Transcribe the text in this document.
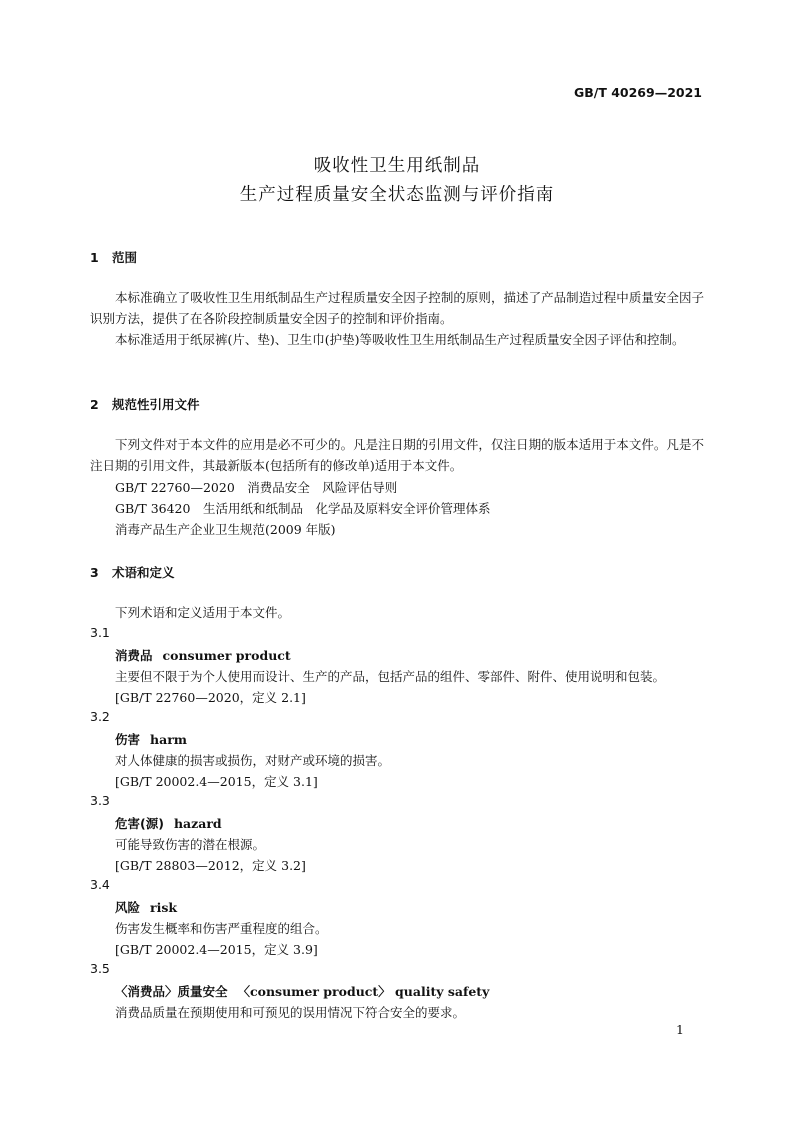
GB/T 40269—2021
吸收性卫生用纸制品
生产过程质量安全状态监测与评价指南
1 范围
本标准确立了吸收性卫生用纸制品生产过程质量安全因子控制的原则，描述了产品制造过程中质量安全因子识别方法，提供了在各阶段控制质量安全因子的控制和评价指南。
本标准适用于纸尿裤(片、垫)、卫生巾(护垫)等吸收性卫生用纸制品生产过程质量安全因子评估和控制。
2 规范性引用文件
下列文件对于本文件的应用是必不可少的。凡是注日期的引用文件，仅注日期的版本适用于本文件。凡是不注日期的引用文件，其最新版本(包括所有的修改单)适用于本文件。
GB/T 22760—2020　消费品安全　风险评估导则
GB/T 36420　生活用纸和纸制品　化学品及原料安全评价管理体系
消毒产品生产企业卫生规范(2009 年版)
3 术语和定义
下列术语和定义适用于本文件。
3.1
消费品 consumer product
主要但不限于为个人使用而设计、生产的产品，包括产品的组件、零部件、附件、使用说明和包装。
[GB/T 22760—2020，定义 2.1]
3.2
伤害 harm
对人体健康的损害或损伤，对财产或环境的损害。
[GB/T 20002.4—2015，定义 3.1]
3.3
危害(源) hazard
可能导致伤害的潜在根源。
[GB/T 28803—2012，定义 3.2]
3.4
风险 risk
伤害发生概率和伤害严重程度的组合。
[GB/T 20002.4—2015，定义 3.9]
3.5
〈消费品〉质量安全 〈consumer product〉 quality safety
消费品质量在预期使用和可预见的误用情况下符合安全的要求。
1
